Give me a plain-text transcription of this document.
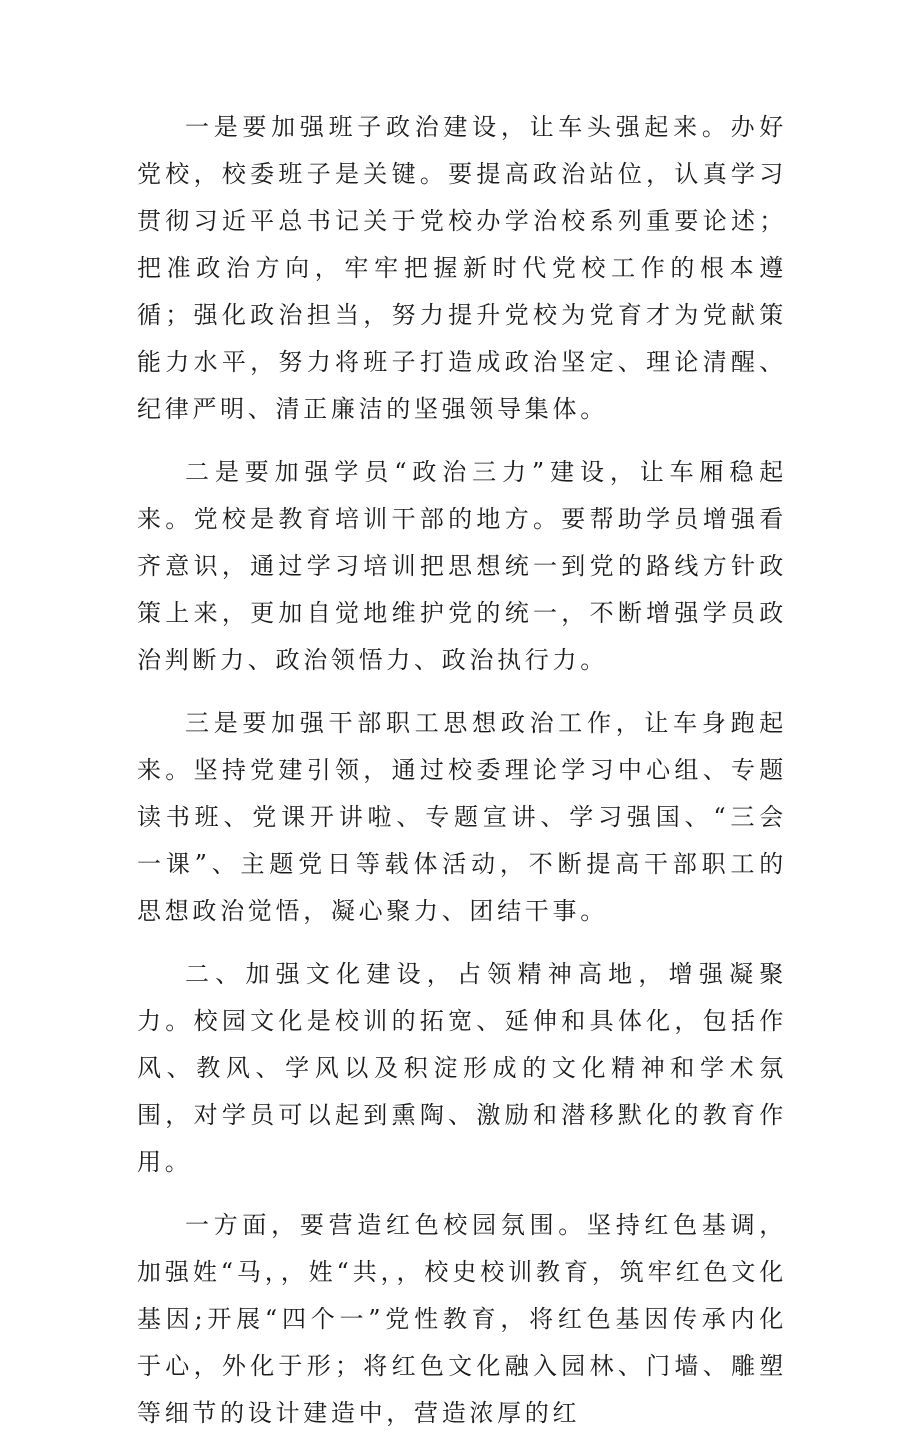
一是要加强班子政治建设，让车头强起来。办好党校，校委班子是关键。要提高政治站位，认真学习贯彻习近平总书记关于党校办学治校系列重要论述；把准政治方向，牢牢把握新时代党校工作的根本遵循；强化政治担当，努力提升党校为党育才为党献策能力水平，努力将班子打造成政治坚定、理论清醒、纪律严明、清正廉洁的坚强领导集体。

二是要加强学员“政治三力”建设，让车厢稳起来。党校是教育培训干部的地方。要帮助学员增强看齐意识，通过学习培训把思想统一到党的路线方针政策上来，更加自觉地维护党的统一，不断增强学员政治判断力、政治领悟力、政治执行力。

三是要加强干部职工思想政治工作，让车身跑起来。坚持党建引领，通过校委理论学习中心组、专题读书班、党课开讲啦、专题宣讲、学习强国、“三会一课”、主题党日等载体活动，不断提高干部职工的思想政治觉悟，凝心聚力、团结干事。

二、加强文化建设，占领精神高地，增强凝聚力。校园文化是校训的拓宽、延伸和具体化，包括作风、教风、学风以及积淀形成的文化精神和学术氛围，对学员可以起到熏陶、激励和潜移默化的教育作用。

一方面，要营造红色校园氛围。坚持红色基调，加强姓“马，，姓“共，，校史校训教育，筑牢红色文化基因;开展“四个一”党性教育，将红色基因传承内化于心，外化于形；将红色文化融入园林、门墙、雕塑等细节的设计建造中，营造浓厚的红
